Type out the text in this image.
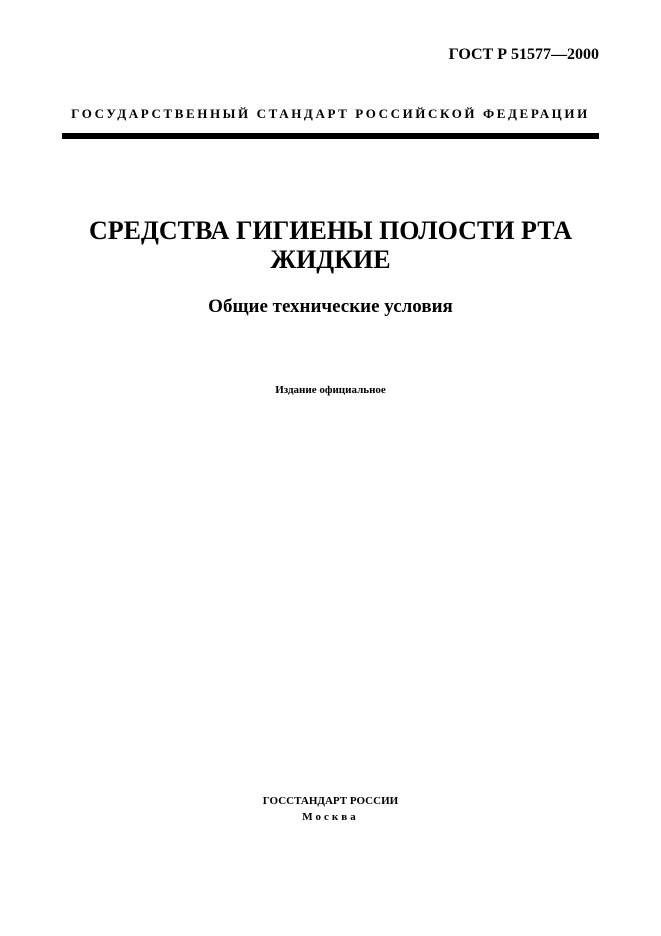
ГОСТ Р 51577—2000
ГОСУДАРСТВЕННЫЙ СТАНДАРТ РОССИЙСКОЙ ФЕДЕРАЦИИ
СРЕДСТВА ГИГИЕНЫ ПОЛОСТИ РТА
ЖИДКИЕ
Общие технические условия
Издание официальное
ГОССТАНДАРТ РОССИИ
Москва
